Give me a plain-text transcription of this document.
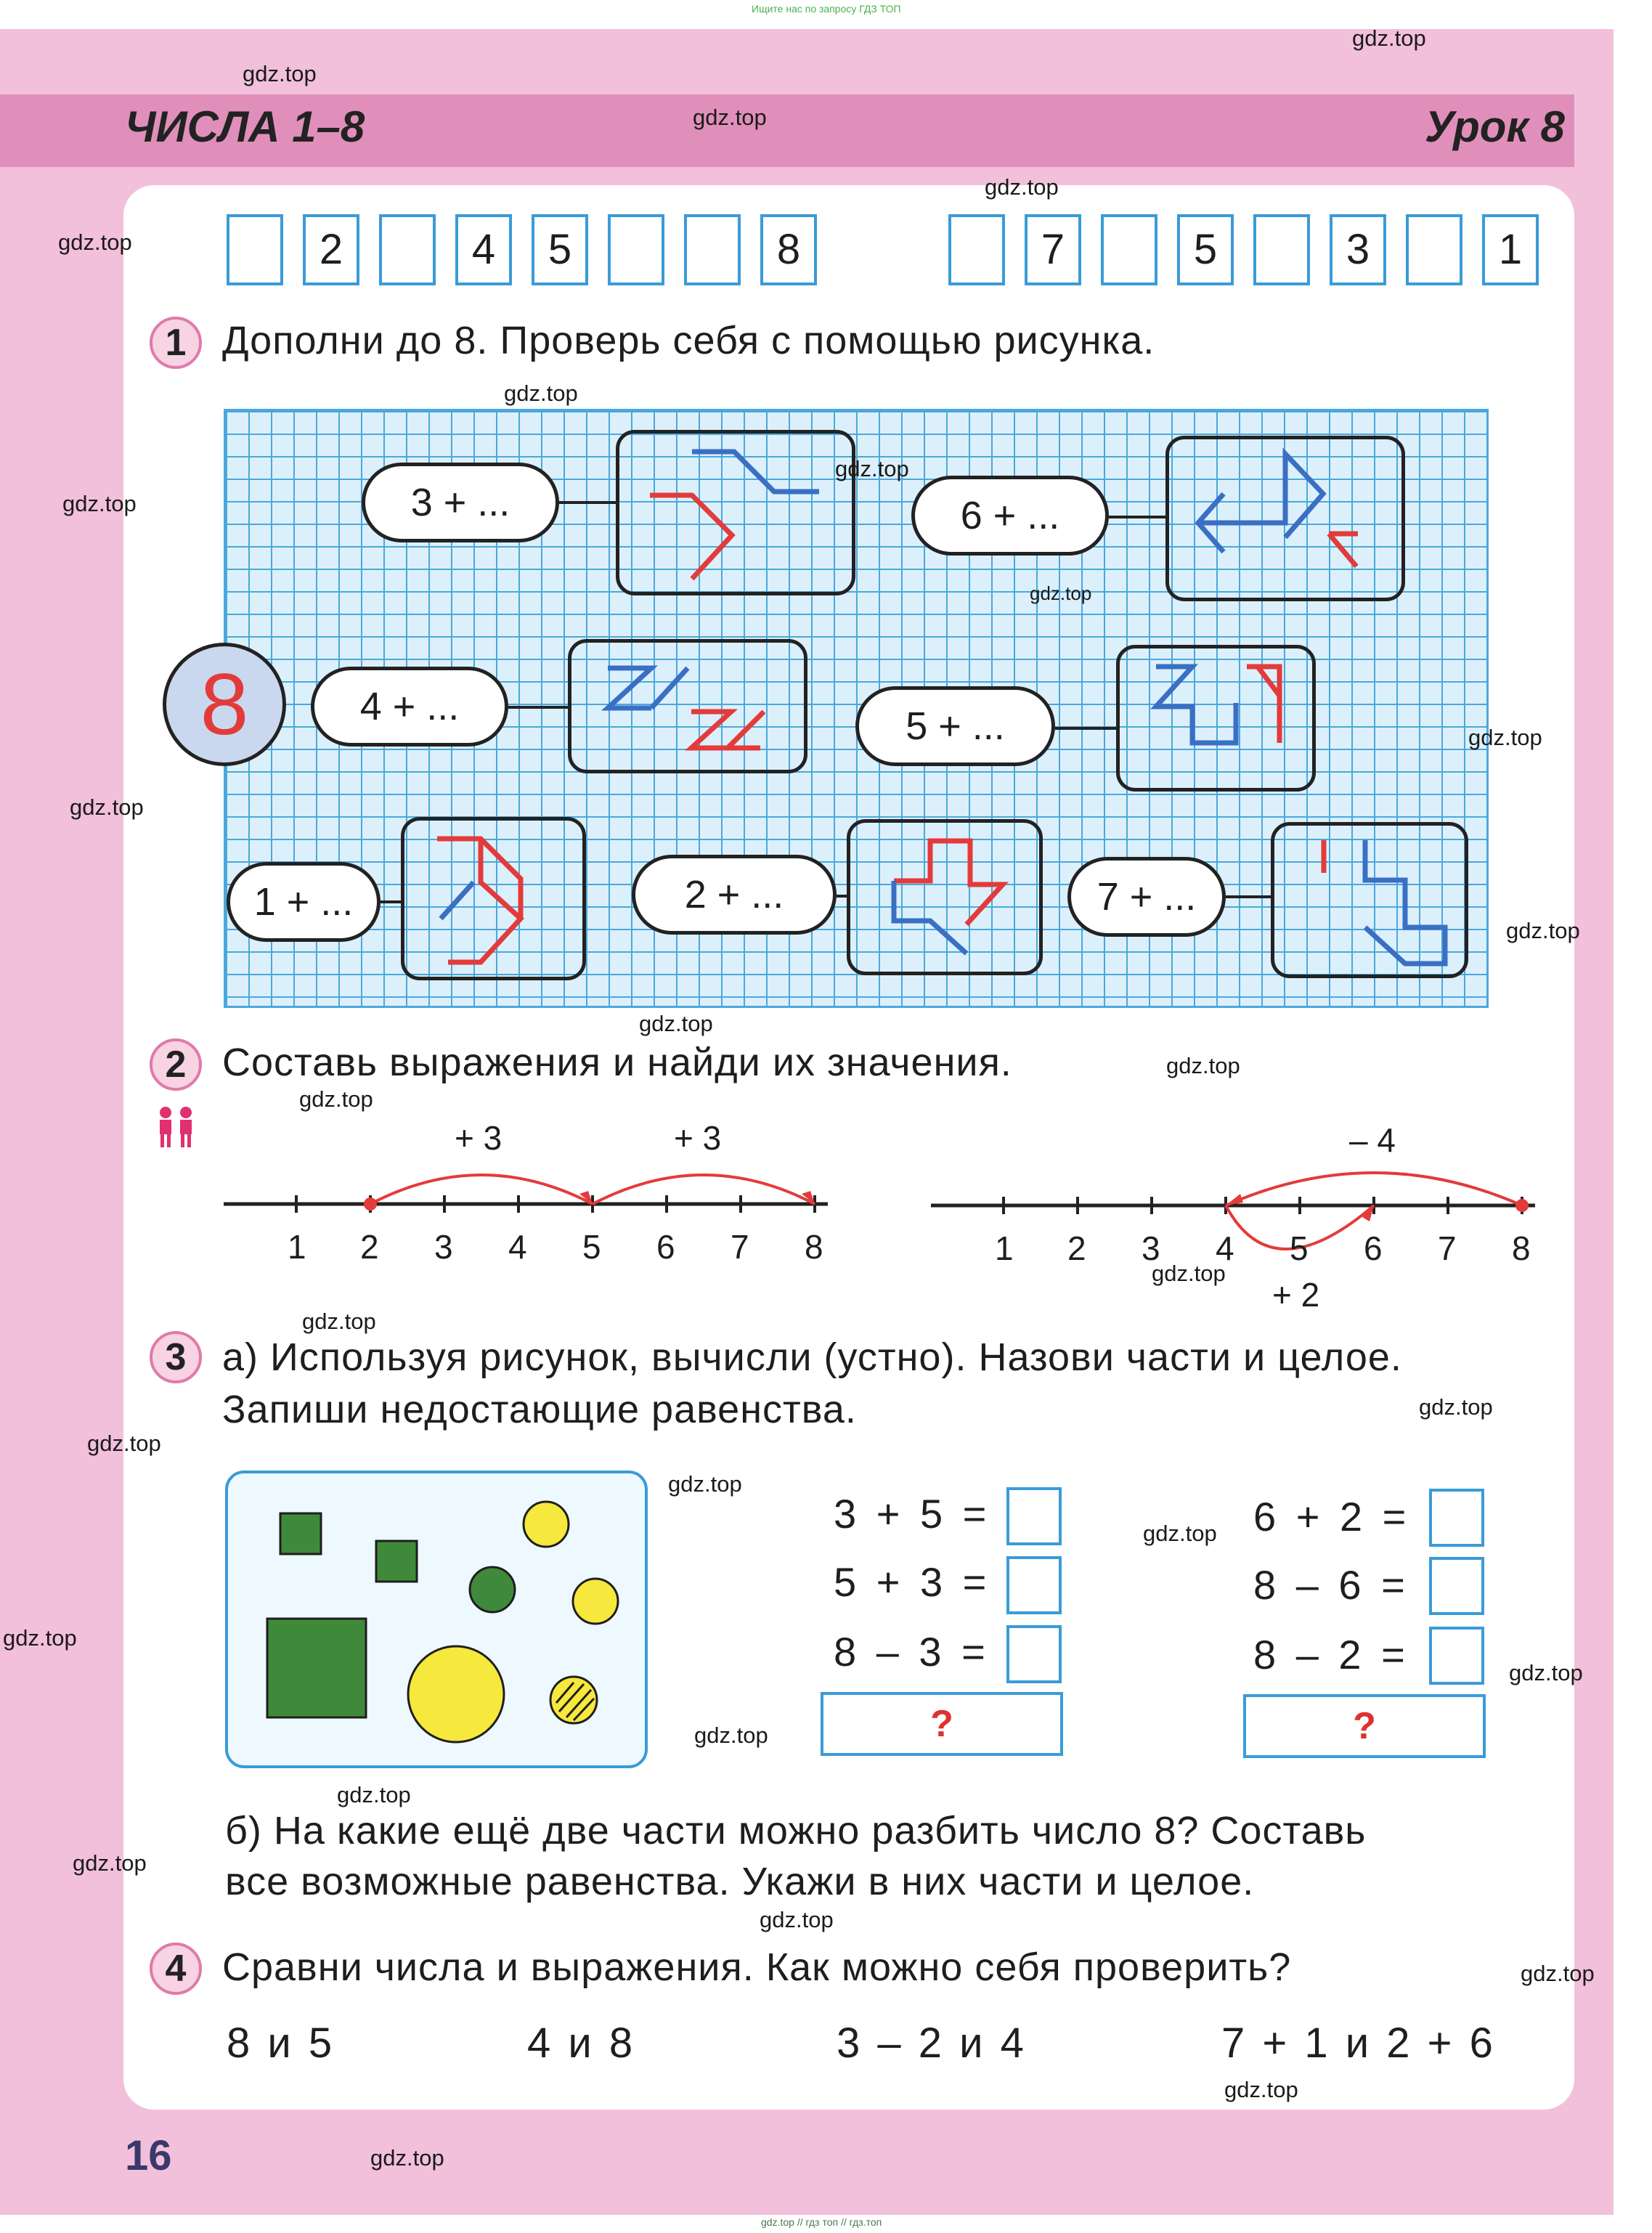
Ищите нас по запросу ГДЗ ТОП
ЧИСЛА 1–8	Урок 8
2	4	5	8	7	5	3	1
1 Дополни до 8. Проверь себя с помощью рисунка.
8
3 + ...	6 + ...
4 + ...	5 + ...
1 + ...	2 + ...	7 + ...
2 Составь выражения и найди их значения.
+ 3	+ 3
1 2 3 4 5 6 7 8
– 4
+ 2
1 2 3 4 5 6 7 8
3 а) Используя рисунок, вычисли (устно). Назови части и целое.
Запиши недостающие равенства.
3 + 5 =
5 + 3 =
8 – 3 =
?
6 + 2 =
8 – 6 =
8 – 2 =
?
б) На какие ещё две части можно разбить число 8? Составь
все возможные равенства. Укажи в них части и целое.
4 Сравни числа и выражения. Как можно себя проверить?
8 и 5	4 и 8	3 – 2 и 4	7 + 1 и 2 + 6
16
gdz.top
gdz.top
gdz.top
gdz.top
gdz.top
gdz.top
gdz.top
gdz.top
gdz.top
gdz.top
gdz.top
gdz.top
gdz.top
gdz.top
gdz.top
gdz.top
gdz.top
gdz.top
gdz.top
gdz.top
gdz.top
gdz.top
gdz.top
gdz.top
gdz.top
gdz.top
gdz.top
gdz.top
gdz.top
gdz.top
gdz.top // гдз топ // гдз.топ
